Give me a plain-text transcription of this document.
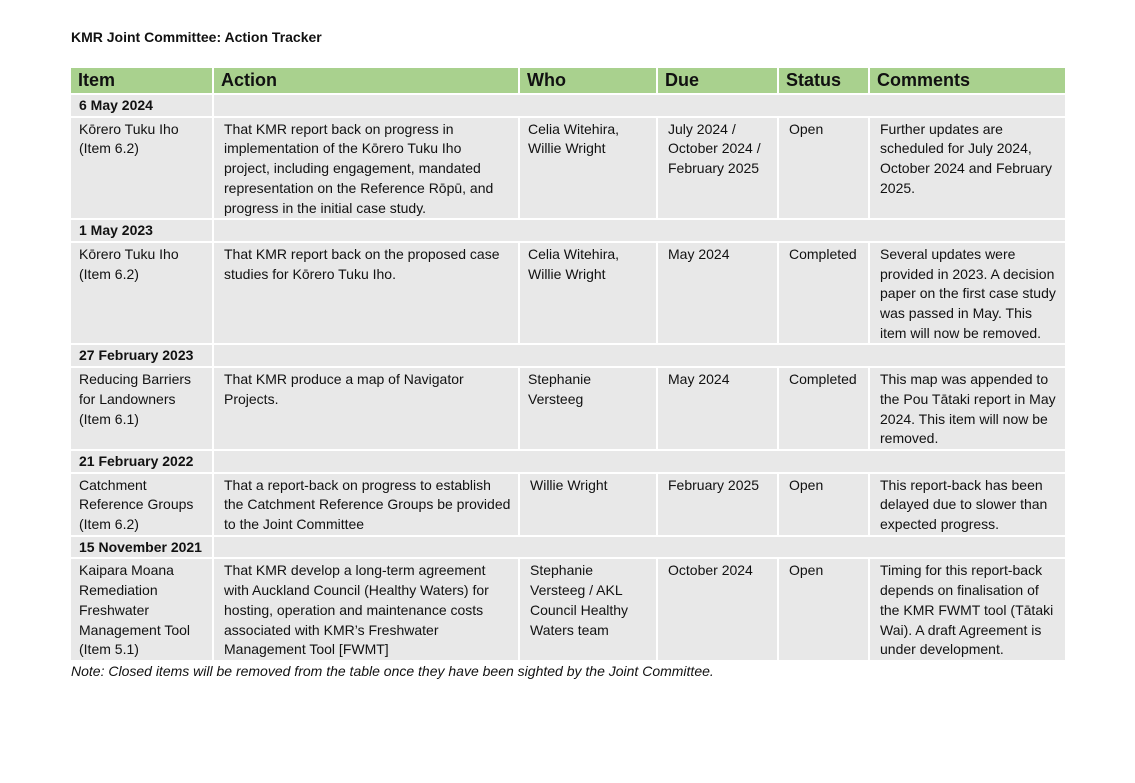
KMR Joint Committee: Action Tracker
Item	Action	Who	Due	Status	Comments
6 May 2024					
Kōrero Tuku Iho (Item 6.2)	That KMR report back on progress in implementation of the Kōrero Tuku Iho project, including engagement, mandated representation on the Reference Rōpū, and progress in the initial case study.	Celia Witehira, Willie Wright	July 2024 / October 2024 / February 2025	Open	Further updates are scheduled for July 2024, October 2024 and February 2025.
1 May 2023					
Kōrero Tuku Iho (Item 6.2)	That KMR report back on the proposed case studies for Kōrero Tuku Iho.	Celia Witehira, Willie Wright	May 2024	Completed	Several updates were provided in 2023. A decision paper on the first case study was passed in May. This item will now be removed.
27 February 2023					
Reducing Barriers for Landowners (Item 6.1)	That KMR produce a map of Navigator Projects.	Stephanie Versteeg	May 2024	Completed	This map was appended to the Pou Tātaki report in May 2024. This item will now be removed.
21 February 2022					
Catchment Reference Groups (Item 6.2)	That a report-back on progress to establish the Catchment Reference Groups be provided to the Joint Committee	Willie Wright	February 2025	Open	This report-back has been delayed due to slower than expected progress.
15 November 2021					
Kaipara Moana Remediation Freshwater Management Tool (Item 5.1)	That KMR develop a long-term agreement with Auckland Council (Healthy Waters) for hosting, operation and maintenance costs associated with KMR’s Freshwater Management Tool [FWMT]	Stephanie Versteeg / AKL Council Healthy Waters team	October 2024	Open	Timing for this report-back depends on finalisation of the KMR FWMT tool (Tātaki Wai). A draft Agreement is under development.
Note: Closed items will be removed from the table once they have been sighted by the Joint Committee.
